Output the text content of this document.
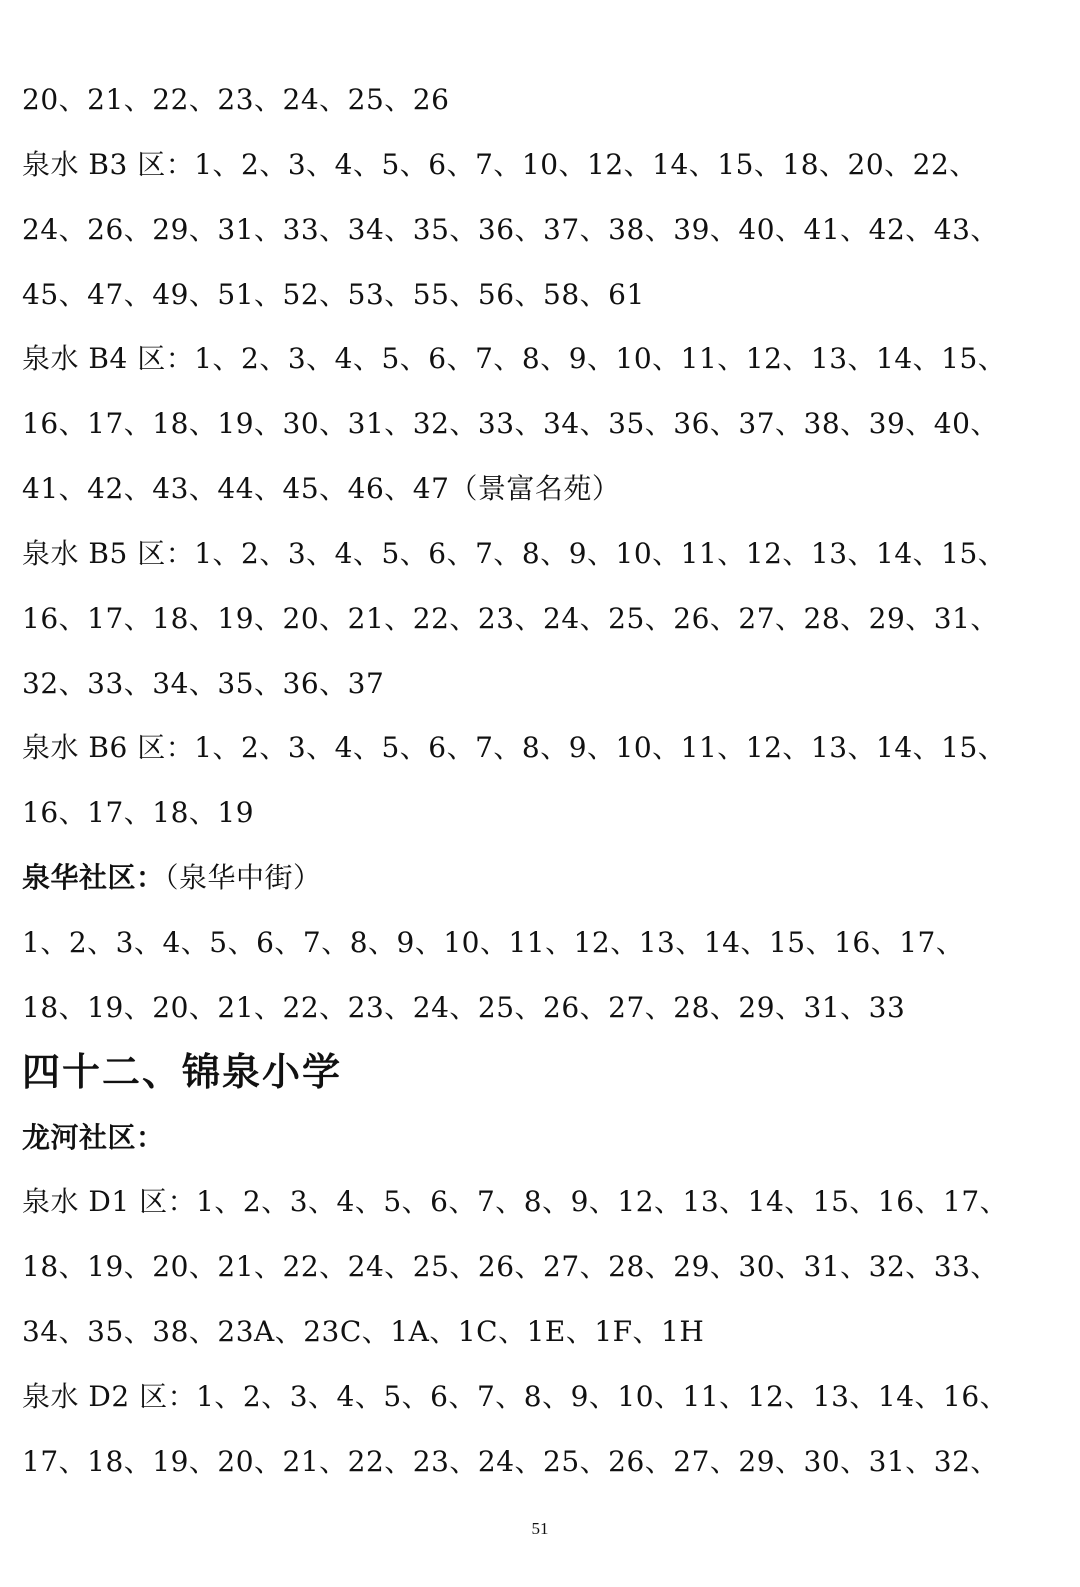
20、21、22、23、24、25、26
泉水 B3 区：1、2、3、4、5、6、7、10、12、14、15、18、20、22、
24、26、29、31、33、34、35、36、37、38、39、40、41、42、43、
45、47、49、51、52、53、55、56、58、61
泉水 B4 区：1、2、3、4、5、6、7、8、9、10、11、12、13、14、15、
16、17、18、19、30、31、32、33、34、35、36、37、38、39、40、
41、42、43、44、45、46、47（景富名苑）
泉水 B5 区：1、2、3、4、5、6、7、8、9、10、11、12、13、14、15、
16、17、18、19、20、21、22、23、24、25、26、27、28、29、31、
32、33、34、35、36、37
泉水 B6 区：1、2、3、4、5、6、7、8、9、10、11、12、13、14、15、
16、17、18、19
泉华社区：（泉华中街）
1、2、3、4、5、6、7、8、9、10、11、12、13、14、15、16、17、
18、19、20、21、22、23、24、25、26、27、28、29、31、33
四十二、锦泉小学
龙河社区：
泉水 D1 区：1、2、3、4、5、6、7、8、9、12、13、14、15、16、17、
18、19、20、21、22、24、25、26、27、28、29、30、31、32、33、
34、35、38、23A、23C、1A、1C、1E、1F、1H
泉水 D2 区：1、2、3、4、5、6、7、8、9、10、11、12、13、14、16、
17、18、19、20、21、22、23、24、25、26、27、29、30、31、32、
51
